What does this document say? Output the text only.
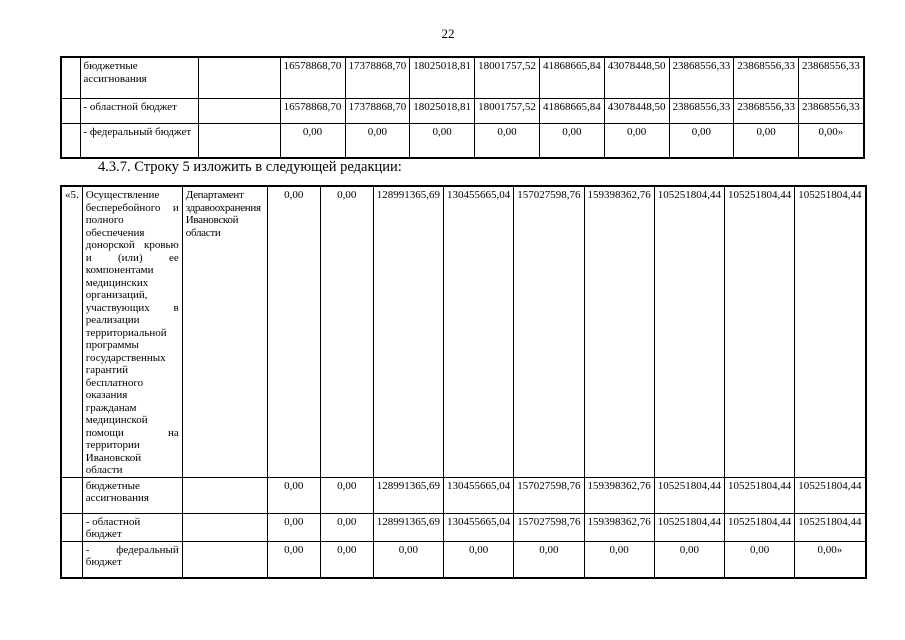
22
	бюджетные ассигнования		16578868,70	17378868,70	18025018,81	18001757,52	41868665,84	43078448,50	23868556,33	23868556,33	23868556,33
	- областной бюджет		16578868,70	17378868,70	18025018,81	18001757,52	41868665,84	43078448,50	23868556,33	23868556,33	23868556,33
	- федеральный бюджет		0,00	0,00	0,00	0,00	0,00	0,00	0,00	0,00	0,00»
4.3.7. Строку 5 изложить в следующей редакции:
«5.	Осуществление бесперебойного и полного обеспечения донорской кровью и (или) ее компонентами медицинских организаций, участвующих в реализации территориальной программы государственных гарантий бесплатного оказания гражданам медицинской помощи на территории Ивановской области	Департамент здравоохранения Ивановской области	0,00	0,00	128991365,69	130455665,04	157027598,76	159398362,76	105251804,44	105251804,44	105251804,44
	бюджетные ассигнования		0,00	0,00	128991365,69	130455665,04	157027598,76	159398362,76	105251804,44	105251804,44	105251804,44
	- областной бюджет		0,00	0,00	128991365,69	130455665,04	157027598,76	159398362,76	105251804,44	105251804,44	105251804,44
	- федеральный бюджет		0,00	0,00	0,00	0,00	0,00	0,00	0,00	0,00	0,00»
